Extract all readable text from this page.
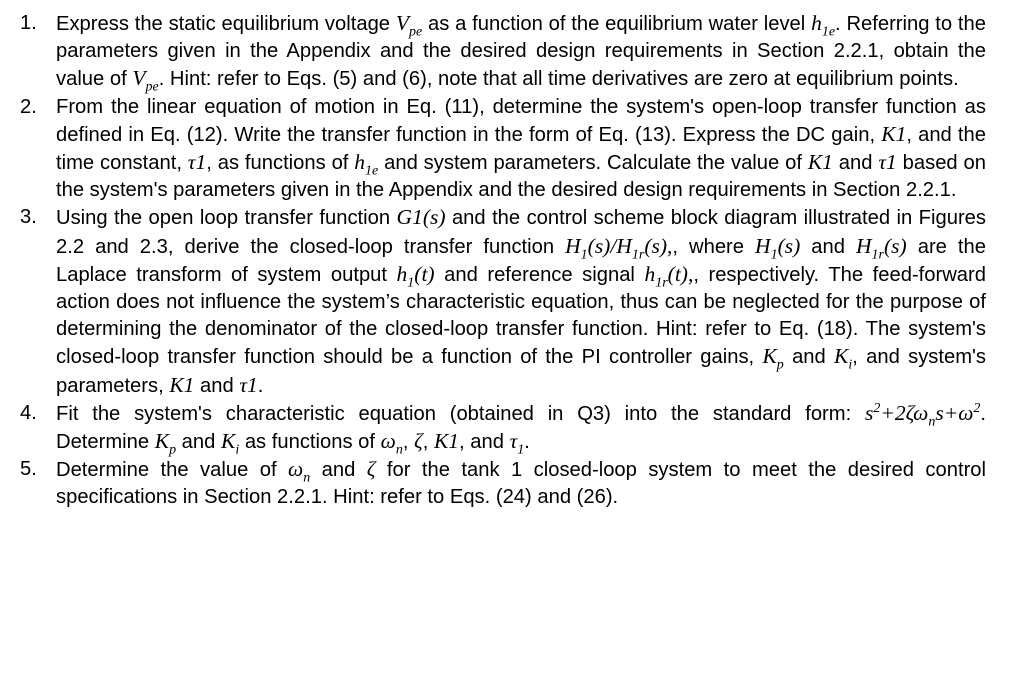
1. Express the static equilibrium voltage $V_{pe}$ as a function of the equilibrium water level $h_{1e}$. Referring to the parameters given in the Appendix and the desired design requirements in Section 2.2.1, obtain the value of $V_{pe}$. Hint: refer to Eqs. (5) and (6), note that all time derivatives are zero at equilibrium points.
2. From the linear equation of motion in Eq. (11), determine the system's open-loop transfer function as defined in Eq. (12). Write the transfer function in the form of Eq. (13). Express the DC gain, K1, and the time constant, τ1, as functions of $h_{1e}$ and system parameters. Calculate the value of K1 and τ1 based on the system's parameters given in the Appendix and the desired design requirements in Section 2.2.1.
3. Using the open loop transfer function G1(s) and the control scheme block diagram illustrated in Figures 2.2 and 2.3, derive the closed-loop transfer function $H_1(s)/H_{1r}(s)$,, where $H_1(s)$ and $H_{1r}(s)$ are the Laplace transform of system output $h_1(t)$ and reference signal $h_{1r}(t)$,, respectively. The feed-forward action does not influence the system’s characteristic equation, thus can be neglected for the purpose of determining the denominator of the closed-loop transfer function. Hint: refer to Eq. (18). The system's closed-loop transfer function should be a function of the PI controller gains, $K_p$ and $K_i$, and system's parameters, K1 and τ1.
4. Fit the system's characteristic equation (obtained in Q3) into the standard form: $s^2+2\zeta\omega_ns+\omega^2$. Determine $K_p$ and $K_i$ as functions of $\omega_n$, ζ, K1, and $\tau_1$.
5. Determine the value of $\omega_n$ and ζ for the tank 1 closed-loop system to meet the desired control specifications in Section 2.2.1. Hint: refer to Eqs. (24) and (26).
